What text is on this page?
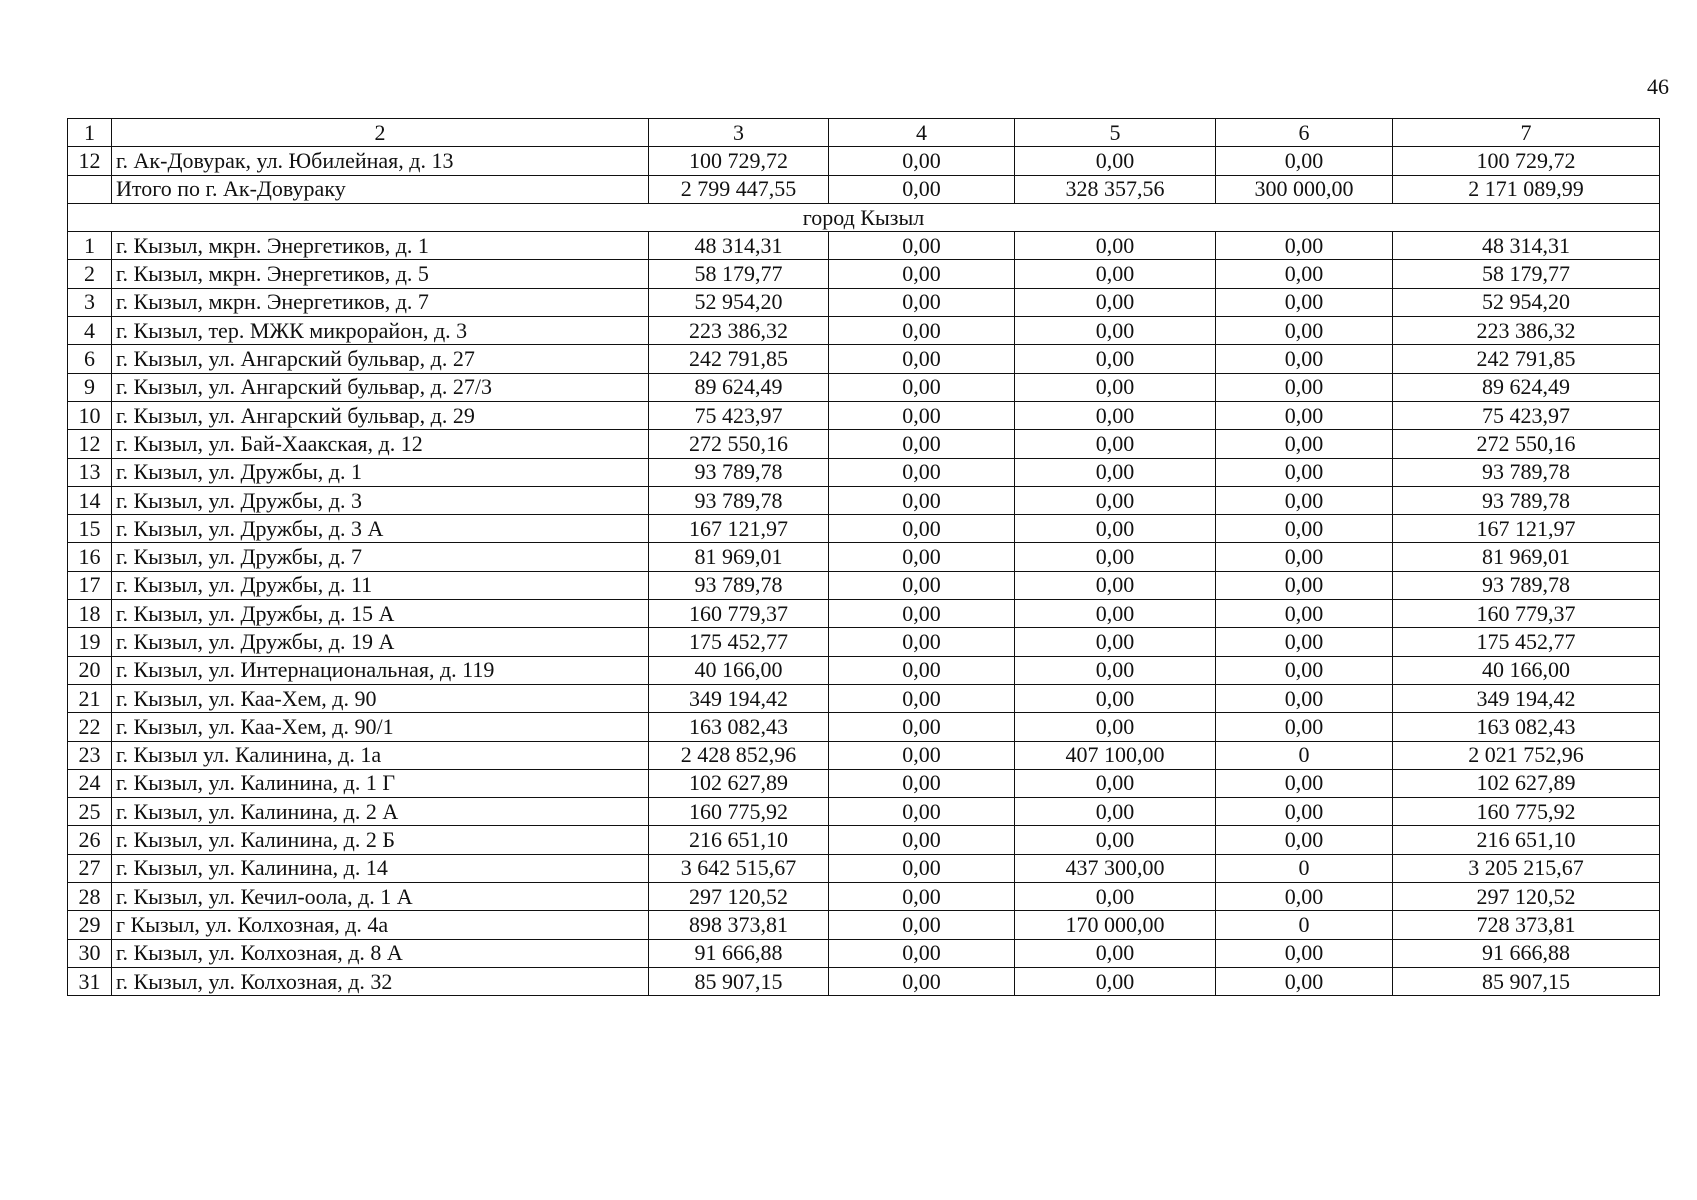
46
1	2	3	4	5	6	7
12	г. Ак-Довурак, ул. Юбилейная, д. 13	100 729,72	0,00	0,00	0,00	100 729,72
	Итого по г. Ак-Довураку	2 799 447,55	0,00	328 357,56	300 000,00	2 171 089,99
город Кызыл						
1	г. Кызыл, мкрн. Энергетиков, д. 1	48 314,31	0,00	0,00	0,00	48 314,31
2	г. Кызыл, мкрн. Энергетиков, д. 5	58 179,77	0,00	0,00	0,00	58 179,77
3	г. Кызыл, мкрн. Энергетиков, д. 7	52 954,20	0,00	0,00	0,00	52 954,20
4	г. Кызыл, тер. МЖК микрорайон, д. 3	223 386,32	0,00	0,00	0,00	223 386,32
6	г. Кызыл, ул. Ангарский бульвар, д. 27	242 791,85	0,00	0,00	0,00	242 791,85
9	г. Кызыл, ул. Ангарский бульвар, д. 27/3	89 624,49	0,00	0,00	0,00	89 624,49
10	г. Кызыл, ул. Ангарский бульвар, д. 29	75 423,97	0,00	0,00	0,00	75 423,97
12	г. Кызыл, ул. Бай-Хаакская, д. 12	272 550,16	0,00	0,00	0,00	272 550,16
13	г. Кызыл, ул. Дружбы, д. 1	93 789,78	0,00	0,00	0,00	93 789,78
14	г. Кызыл, ул. Дружбы, д. 3	93 789,78	0,00	0,00	0,00	93 789,78
15	г. Кызыл, ул. Дружбы, д. 3 А	167 121,97	0,00	0,00	0,00	167 121,97
16	г. Кызыл, ул. Дружбы, д. 7	81 969,01	0,00	0,00	0,00	81 969,01
17	г. Кызыл, ул. Дружбы, д. 11	93 789,78	0,00	0,00	0,00	93 789,78
18	г. Кызыл, ул. Дружбы, д. 15 А	160 779,37	0,00	0,00	0,00	160 779,37
19	г. Кызыл, ул. Дружбы, д. 19 А	175 452,77	0,00	0,00	0,00	175 452,77
20	г. Кызыл, ул. Интернациональная, д. 119	40 166,00	0,00	0,00	0,00	40 166,00
21	г. Кызыл, ул. Каа-Хем, д. 90	349 194,42	0,00	0,00	0,00	349 194,42
22	г. Кызыл, ул. Каа-Хем, д. 90/1	163 082,43	0,00	0,00	0,00	163 082,43
23	г. Кызыл ул. Калинина, д. 1а	2 428 852,96	0,00	407 100,00	0	2 021 752,96
24	г. Кызыл, ул. Калинина, д. 1 Г	102 627,89	0,00	0,00	0,00	102 627,89
25	г. Кызыл, ул. Калинина, д. 2 А	160 775,92	0,00	0,00	0,00	160 775,92
26	г. Кызыл, ул. Калинина, д. 2 Б	216 651,10	0,00	0,00	0,00	216 651,10
27	г. Кызыл, ул. Калинина, д. 14	3 642 515,67	0,00	437 300,00	0	3 205 215,67
28	г. Кызыл, ул. Кечил-оола, д. 1 А	297 120,52	0,00	0,00	0,00	297 120,52
29	г Кызыл, ул. Колхозная, д. 4а	898 373,81	0,00	170 000,00	0	728 373,81
30	г. Кызыл, ул. Колхозная, д. 8 А	91 666,88	0,00	0,00	0,00	91 666,88
31	г. Кызыл, ул. Колхозная, д. 32	85 907,15	0,00	0,00	0,00	85 907,15
